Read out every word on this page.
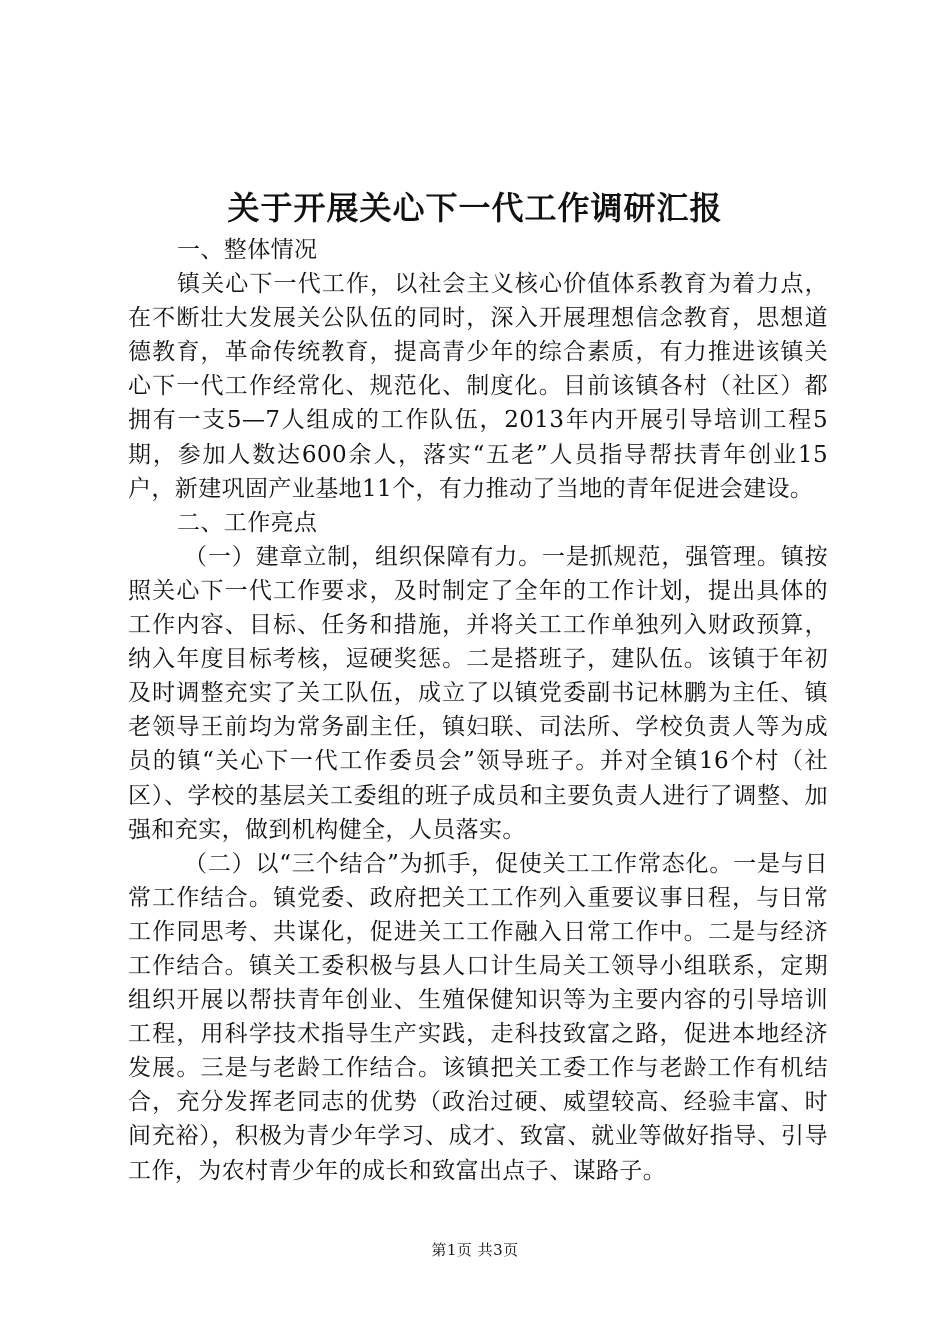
关于开展关心下一代工作调研汇报

一、整体情况

镇关心下一代工作，以社会主义核心价值体系教育为着力点，在不断壮大发展关公队伍的同时，深入开展理想信念教育，思想道德教育，革命传统教育，提高青少年的综合素质，有力推进该镇关心下一代工作经常化、规范化、制度化。目前该镇各村（社区）都拥有一支5—7人组成的工作队伍，2013年内开展引导培训工程5期，参加人数达600余人，落实“五老”人员指导帮扶青年创业15户，新建巩固产业基地11个，有力推动了当地的青年促进会建设。

二、工作亮点

（一）建章立制，组织保障有力。一是抓规范，强管理。镇按照关心下一代工作要求，及时制定了全年的工作计划，提出具体的工作内容、目标、任务和措施，并将关工工作单独列入财政预算，纳入年度目标考核，逗硬奖惩。二是搭班子，建队伍。该镇于年初及时调整充实了关工队伍，成立了以镇党委副书记林鹏为主任、镇老领导王前均为常务副主任，镇妇联、司法所、学校负责人等为成员的镇“关心下一代工作委员会”领导班子。并对全镇16个村（社区）、学校的基层关工委组的班子成员和主要负责人进行了调整、加强和充实，做到机构健全，人员落实。

（二）以“三个结合”为抓手，促使关工工作常态化。一是与日常工作结合。镇党委、政府把关工工作列入重要议事日程，与日常工作同思考、共谋化，促进关工工作融入日常工作中。二是与经济工作结合。镇关工委积极与县人口计生局关工领导小组联系，定期组织开展以帮扶青年创业、生殖保健知识等为主要内容的引导培训工程，用科学技术指导生产实践，走科技致富之路，促进本地经济发展。三是与老龄工作结合。该镇把关工委工作与老龄工作有机结合，充分发挥老同志的优势（政治过硬、威望较高、经验丰富、时间充裕），积极为青少年学习、成才、致富、就业等做好指导、引导工作，为农村青少年的成长和致富出点子、谋路子。

第1页 共3页
